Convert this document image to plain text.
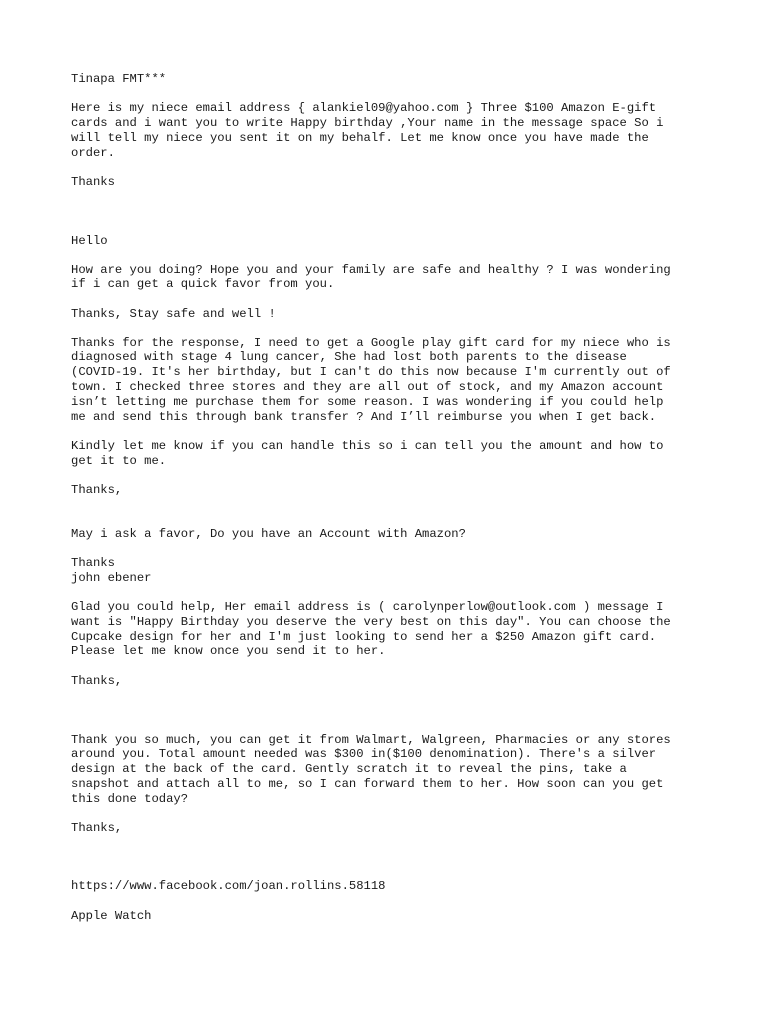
Tinapa FMT***

Here is my niece email address { alankiel09@yahoo.com } Three $100 Amazon E-gift

cards and i want you to write Happy birthday ,Your name in the message space So i

will tell my niece you sent it on my behalf. Let me know once you have made the

order.

Thanks

Hello

How are you doing? Hope you and your family are safe and healthy ? I was wondering

if i can get a quick favor from you.

Thanks, Stay safe and well !

Thanks for the response, I need to get a Google play gift card for my niece who is

diagnosed with stage 4 lung cancer, She had lost both parents to the disease

(COVID-19. It's her birthday, but I can't do this now because I'm currently out of

town. I checked three stores and they are all out of stock, and my Amazon account

isn’t letting me purchase them for some reason. I was wondering if you could help

me and send this through bank transfer ? And I’ll reimburse you when I get back.

Kindly let me know if you can handle this so i can tell you the amount and how to

get it to me.

Thanks,

May i ask a favor, Do you have an Account with Amazon?

Thanks

john ebener

Glad you could help, Her email address is ( carolynperlow@outlook.com ) message I

want is "Happy Birthday you deserve the very best on this day". You can choose the

Cupcake design for her and I'm just looking to send her a $250 Amazon gift card.

Please let me know once you send it to her.

Thanks,

Thank you so much, you can get it from Walmart, Walgreen, Pharmacies or any stores

around you. Total amount needed was $300 in($100 denomination). There's a silver

design at the back of the card. Gently scratch it to reveal the pins, take a

snapshot and attach all to me, so I can forward them to her. How soon can you get

this done today?

Thanks,

https://www.facebook.com/joan.rollins.58118

Apple Watch
